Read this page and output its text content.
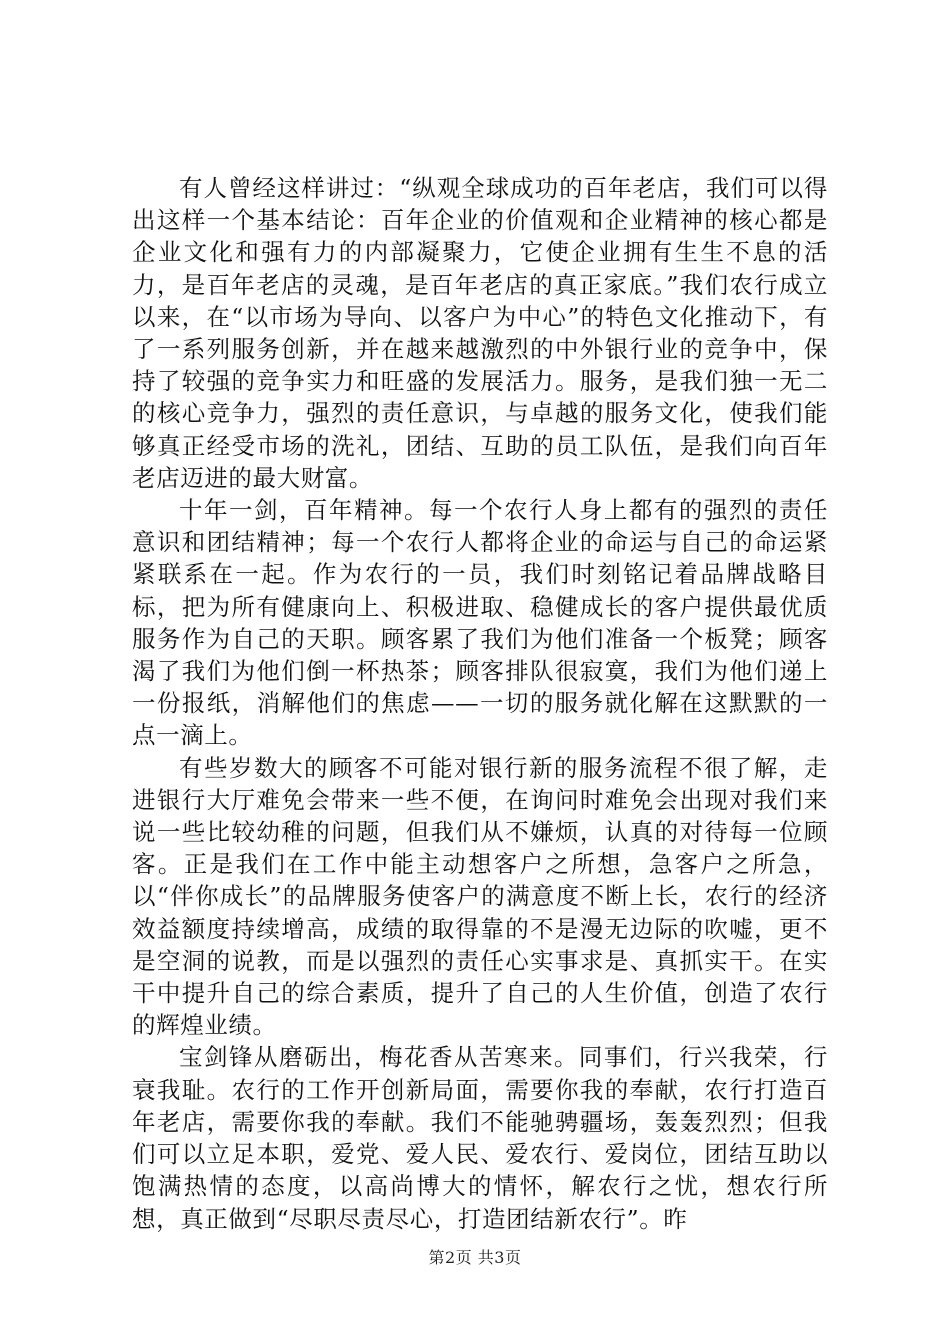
有人曾经这样讲过：“纵观全球成功的百年老店，我们可以得出这样一个基本结论：百年企业的价值观和企业精神的核心都是企业文化和强有力的内部凝聚力，它使企业拥有生生不息的活力，是百年老店的灵魂，是百年老店的真正家底。”我们农行成立以来，在“以市场为导向、以客户为中心”的特色文化推动下，有了一系列服务创新，并在越来越激烈的中外银行业的竞争中，保持了较强的竞争实力和旺盛的发展活力。服务，是我们独一无二的核心竞争力，强烈的责任意识，与卓越的服务文化，使我们能够真正经受市场的洗礼，团结、互助的员工队伍，是我们向百年老店迈进的最大财富。

十年一剑，百年精神。每一个农行人身上都有的强烈的责任意识和团结精神；每一个农行人都将企业的命运与自己的命运紧紧联系在一起。作为农行的一员，我们时刻铭记着品牌战略目标，把为所有健康向上、积极进取、稳健成长的客户提供最优质服务作为自己的天职。顾客累了我们为他们准备一个板凳；顾客渴了我们为他们倒一杯热茶；顾客排队很寂寞，我们为他们递上一份报纸，消解他们的焦虑——一切的服务就化解在这默默的一点一滴上。

有些岁数大的顾客不可能对银行新的服务流程不很了解，走进银行大厅难免会带来一些不便，在询问时难免会出现对我们来说一些比较幼稚的问题，但我们从不嫌烦，认真的对待每一位顾客。正是我们在工作中能主动想客户之所想，急客户之所急，以“伴你成长”的品牌服务使客户的满意度不断上长，农行的经济效益额度持续增高，成绩的取得靠的不是漫无边际的吹嘘，更不是空洞的说教，而是以强烈的责任心实事求是、真抓实干。在实干中提升自己的综合素质，提升了自己的人生价值，创造了农行的辉煌业绩。

宝剑锋从磨砺出，梅花香从苦寒来。同事们，行兴我荣，行衰我耻。农行的工作开创新局面，需要你我的奉献，农行打造百年老店，需要你我的奉献。我们不能驰骋疆场，轰轰烈烈；但我们可以立足本职，爱党、爱人民、爱农行、爱岗位，团结互助以饱满热情的态度，以高尚博大的情怀，解农行之忧，想农行所想，真正做到“尽职尽责尽心，打造团结新农行”。昨

第2页 共3页
